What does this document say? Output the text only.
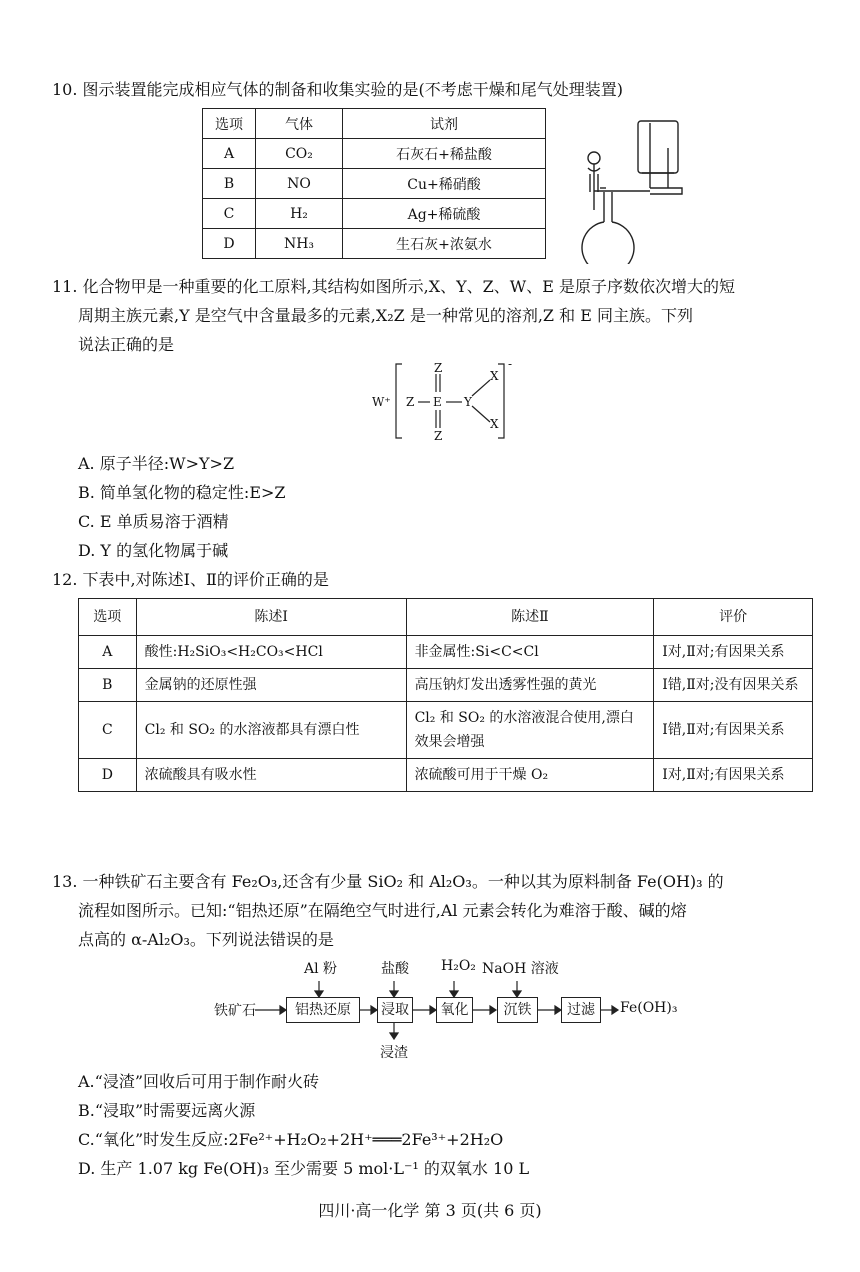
10. 图示装置能完成相应气体的制备和收集实验的是(不考虑干燥和尾气处理装置)
选项	气体	试剂
A	CO₂	石灰石+稀盐酸
B	NO	Cu+稀硝酸
C	H₂	Ag+稀硫酸
D	NH₃	生石灰+浓氨水
11. 化合物甲是一种重要的化工原料,其结构如图所示,X、Y、Z、W、E 是原子序数依次增大的短
周期主族元素,Y 是空气中含量最多的元素,X₂Z 是一种常见的溶剂,Z 和 E 同主族。下列
说法正确的是
W⁺ Z E
Z
Z
Y
X
X
-
A. 原子半径:W>Y>Z
B. 简单氢化物的稳定性:E>Z
C. E 单质易溶于酒精
D. Y 的氢化物属于碱
12. 下表中,对陈述Ⅰ、Ⅱ的评价正确的是
选项	陈述Ⅰ	陈述Ⅱ	评价
A	酸性:H₂SiO₃<H₂CO₃<HCl	非金属性:Si<C<Cl	Ⅰ对,Ⅱ对;有因果关系
B	金属钠的还原性强	高压钠灯发出透雾性强的黄光	Ⅰ错,Ⅱ对;没有因果关系
C	Cl₂ 和 SO₂ 的水溶液都具有漂白性	Cl₂ 和 SO₂ 的水溶液混合使用,漂白效果会增强	Ⅰ错,Ⅱ对;有因果关系
D	浓硫酸具有吸水性	浓硫酸可用于干燥 O₂	Ⅰ对,Ⅱ对;有因果关系
13. 一种铁矿石主要含有 Fe₂O₃,还含有少量 SiO₂ 和 Al₂O₃。一种以其为原料制备 Fe(OH)₃ 的
流程如图所示。已知:“铝热还原”在隔绝空气时进行,Al 元素会转化为难溶于酸、碱的熔
点高的 α-Al₂O₃。下列说法错误的是
Al 粉	盐酸 H₂O₂ NaOH 溶液
铁矿石	铝热还原	浸取	氧化	沉铁	过滤	Fe(OH)₃
浸渣
A.“浸渣”回收后可用于制作耐火砖
B.“浸取”时需要远离火源
C.“氧化”时发生反应:2Fe²⁺+H₂O₂+2H⁺═══2Fe³⁺+2H₂O
D. 生产 1.07 kg Fe(OH)₃ 至少需要 5 mol·L⁻¹ 的双氧水 10 L
四川·高一化学 第 3 页(共 6 页)
